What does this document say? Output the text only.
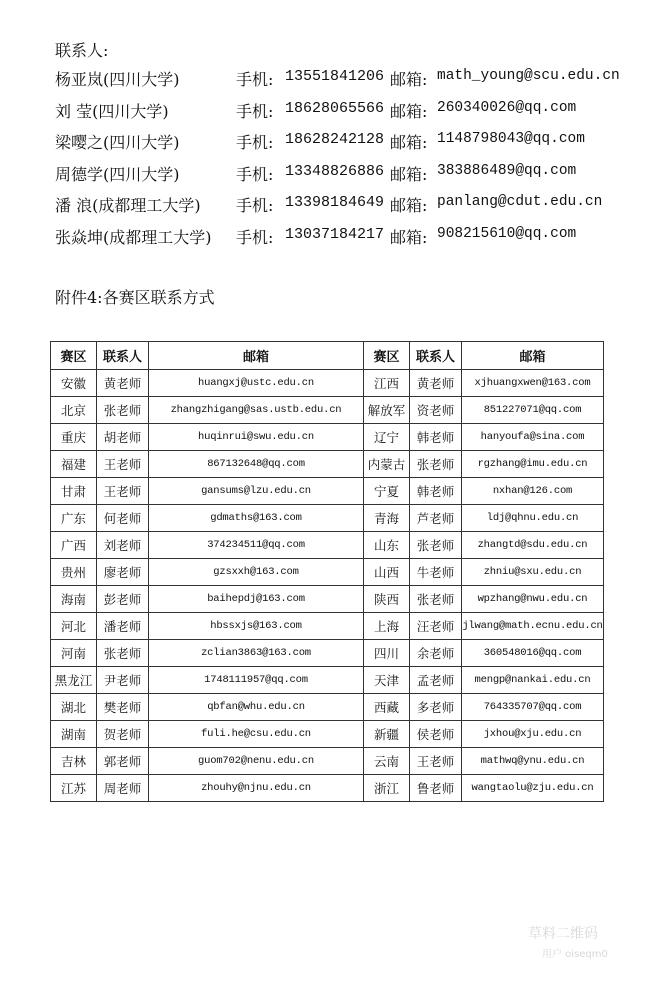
联系人:
杨亚岚(四川大学)	手机: 13551841206 邮箱: math_young@scu.edu.cn
刘 莹(四川大学)	手机: 18628065566 邮箱: 260340026@qq.com
梁嘤之(四川大学)	手机: 18628242128 邮箱: 1148798043@qq.com
周德学(四川大学)	手机: 13348826886 邮箱: 383886489@qq.com
潘 浪(成都理工大学) 手机: 13398184649 邮箱: panlang@cdut.edu.cn
张焱坤(成都理工大学) 手机: 13037184217 邮箱: 908215610@qq.com
附件4:各赛区联系方式
赛区	联系人	邮箱	赛区	联系人	邮箱
安徽	黄老师	huangxj@ustc.edu.cn	江西	黄老师	xjhuangxwen@163.com
北京	张老师	zhangzhigang@sas.ustb.edu.cn	解放军	资老师	851227071@qq.com
重庆	胡老师	huqinrui@swu.edu.cn	辽宁	韩老师	hanyoufa@sina.com
福建	王老师	867132648@qq.com	内蒙古	张老师	rgzhang@imu.edu.cn
甘肃	王老师	gansums@lzu.edu.cn	宁夏	韩老师	nxhan@126.com
广东	何老师	gdmaths@163.com	青海	芦老师	ldj@qhnu.edu.cn
广西	刘老师	374234511@qq.com	山东	张老师	zhangtd@sdu.edu.cn
贵州	廖老师	gzsxxh@163.com	山西	牛老师	zhniu@sxu.edu.cn
海南	彭老师	baihepdj@163.com	陕西	张老师	wpzhang@nwu.edu.cn
河北	潘老师	hbssxjs@163.com	上海	汪老师	jlwang@math.ecnu.edu.cn
河南	张老师	zclian3863@163.com	四川	余老师	360548016@qq.com
黑龙江	尹老师	1748111957@qq.com	天津	孟老师	mengp@nankai.edu.cn
湖北	樊老师	qbfan@whu.edu.cn	西藏	多老师	764335707@qq.com
湖南	贺老师	fuli.he@csu.edu.cn	新疆	侯老师	jxhou@xju.edu.cn
吉林	郭老师	guom702@nenu.edu.cn	云南	王老师	mathwq@ynu.edu.cn
江苏	周老师	zhouhy@njnu.edu.cn	浙江	鲁老师	wangtaolu@zju.edu.cn
草料二维码
用户 oiseqm0
